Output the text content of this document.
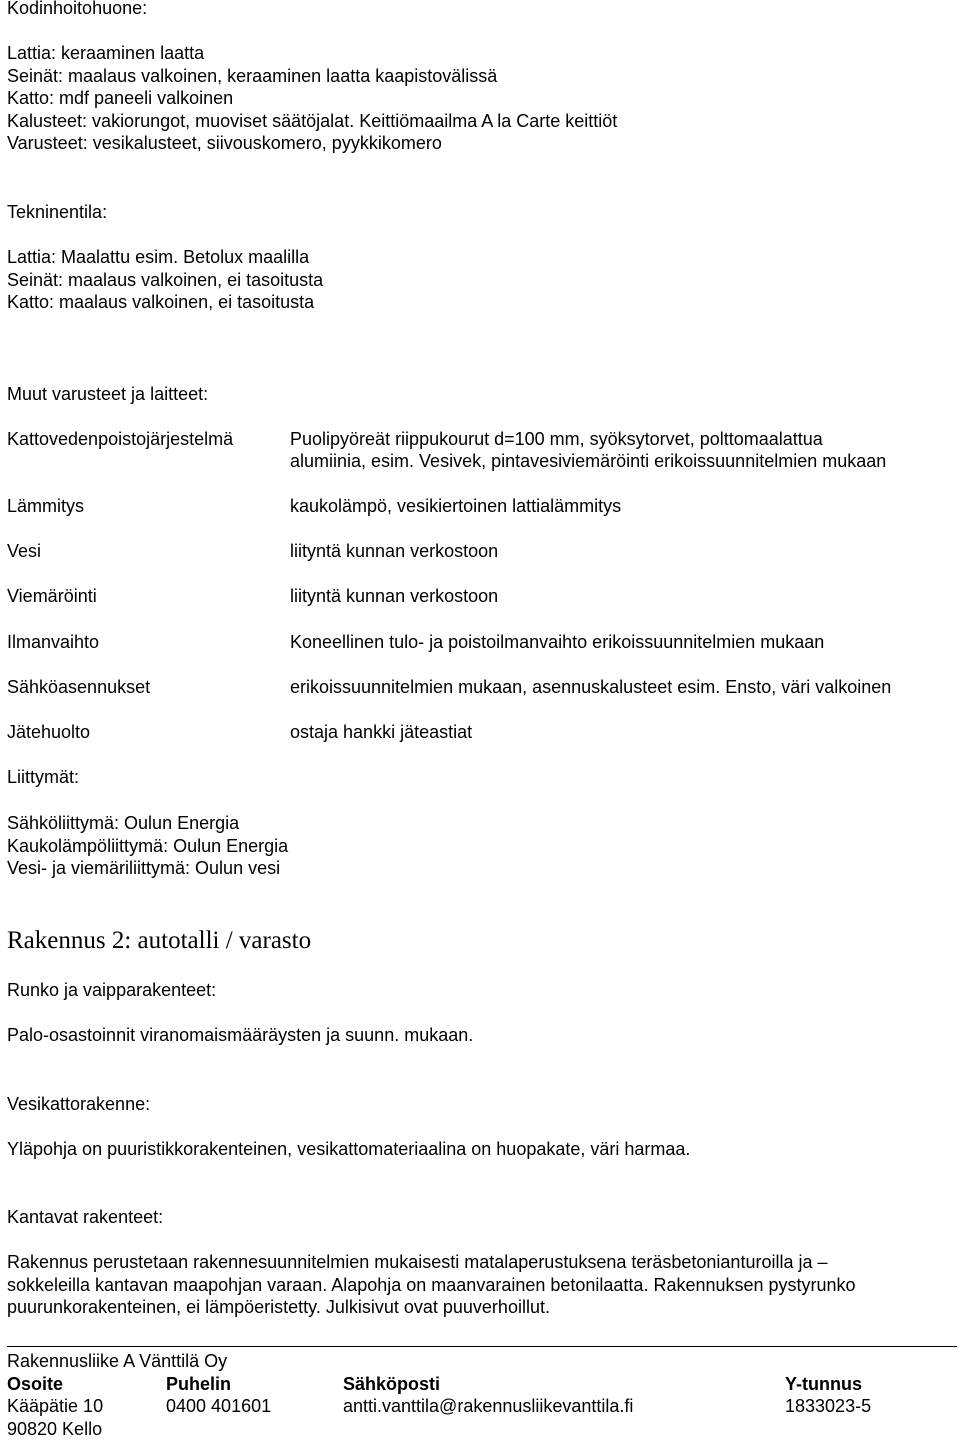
Kodinhoitohuone:
Lattia: keraaminen laatta
Seinät: maalaus valkoinen, keraaminen laatta kaapistovälissä
Katto: mdf paneeli valkoinen
Kalusteet: vakiorungot, muoviset säätöjalat. Keittiömaailma A la Carte keittiöt
Varusteet: vesikalusteet, siivouskomero, pyykkikomero
Tekninentila:
Lattia: Maalattu esim. Betolux maalilla
Seinät: maalaus valkoinen, ei tasoitusta
Katto: maalaus valkoinen, ei tasoitusta
Muut varusteet ja laitteet:
Kattovedenpoistojärjestelmä	Puolipyöreät riippukourut d=100 mm, syöksytorvet, polttomaalattua
alumiinia, esim. Vesivek, pintavesiviemäröinti erikoissuunnitelmien mukaan
Lämmitys	kaukolämpö, vesikiertoinen lattialämmitys
Vesi	liityntä kunnan verkostoon
Viemäröinti	liityntä kunnan verkostoon
Ilmanvaihto	Koneellinen tulo- ja poistoilmanvaihto erikoissuunnitelmien mukaan
Sähköasennukset	erikoissuunnitelmien mukaan, asennuskalusteet esim. Ensto, väri valkoinen
Jätehuolto	ostaja hankki jäteastiat
Liittymät:
Sähköliittymä: Oulun Energia
Kaukolämpöliittymä: Oulun Energia
Vesi- ja viemäriliittymä: Oulun vesi
Rakennus 2: autotalli / varasto
Runko ja vaipparakenteet:
Palo-osastoinnit viranomaismääräysten ja suunn. mukaan.
Vesikattorakenne:
Yläpohja on puuristikkorakenteinen, vesikattomateriaalina on huopakate, väri harmaa.
Kantavat rakenteet:
Rakennus perustetaan rakennesuunnitelmien mukaisesti matalaperustuksena teräsbetonianturoilla ja –
sokkeleilla kantavan maapohjan varaan. Alapohja on maanvarainen betonilaatta. Rakennuksen pystyrunko
puurunkorakenteinen, ei lämpöeristetty. Julkisivut ovat puuverhoillut.
Rakennusliike A Vänttilä Oy
Osoite	Puhelin	Sähköposti	Y-tunnus
Kääpätie 10	0400 401601	antti.vanttila@rakennusliikevanttila.fi	1833023-5
90820 Kello
